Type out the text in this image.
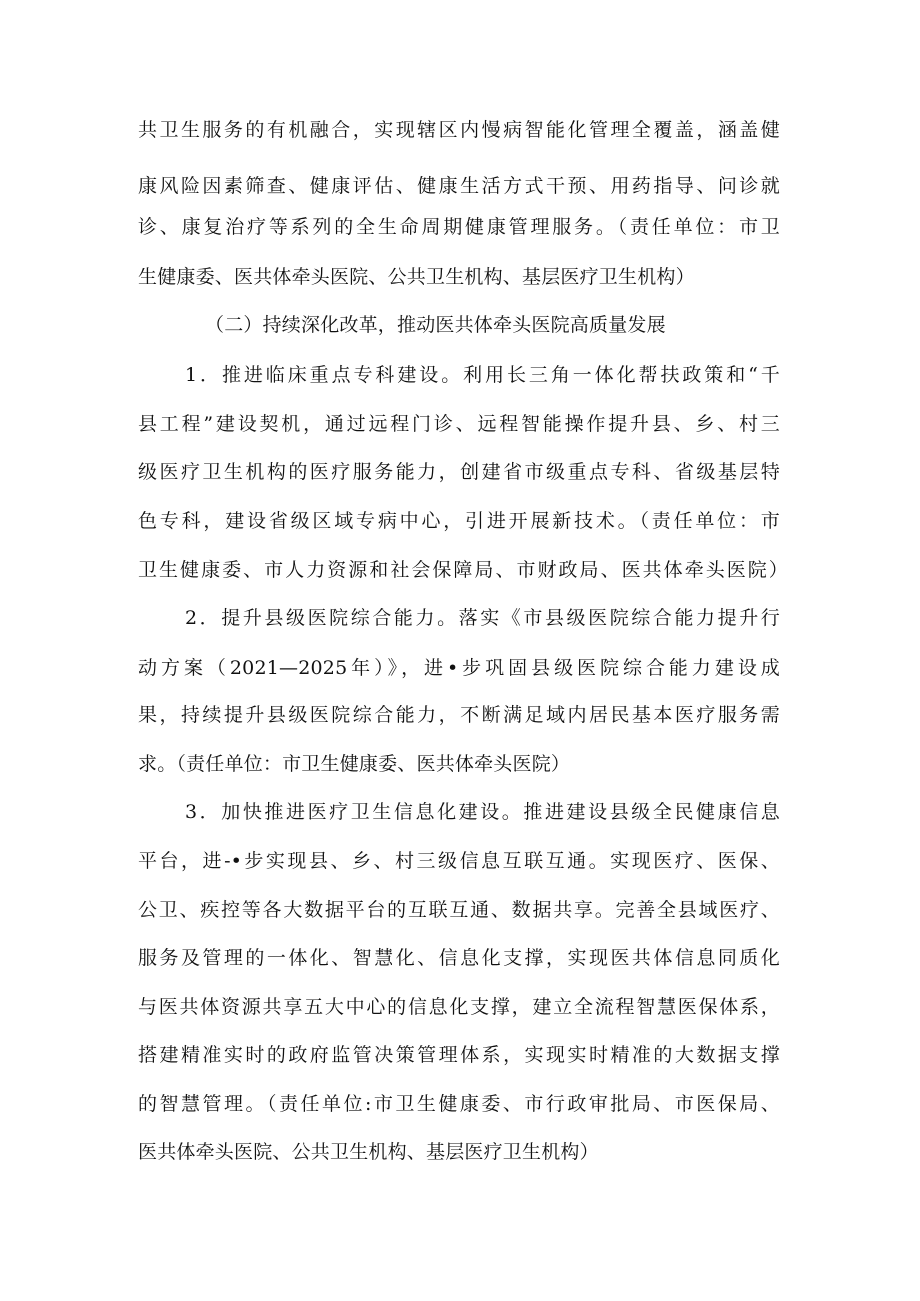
共卫生服务的有机融合，实现辖区内慢病智能化管理全覆盖，涵盖健
康风险因素筛查、健康评估、健康生活方式干预、用药指导、问诊就
诊、康复治疗等系列的全生命周期健康管理服务。（责任单位：市卫
生健康委、医共体牵头医院、公共卫生机构、基层医疗卫生机构）
（二）持续深化改革，推动医共体牵头医院高质量发展
1．推进临床重点专科建设。利用长三角一体化帮扶政策和“千
县工程”建设契机，通过远程门诊、远程智能操作提升县、乡、村三
级医疗卫生机构的医疗服务能力，创建省市级重点专科、省级基层特
色专科，建设省级区域专病中心，引进开展新技术。（责任单位：市
卫生健康委、市人力资源和社会保障局、市财政局、医共体牵头医院）
2．提升县级医院综合能力。落实《市县级医院综合能力提升行
动方案（2021—2025年）》，进•步巩固县级医院综合能力建设成
果，持续提升县级医院综合能力，不断满足域内居民基本医疗服务需
求。（责任单位：市卫生健康委、医共体牵头医院）
3．加快推进医疗卫生信息化建设。推进建设县级全民健康信息
平台，进-•步实现县、乡、村三级信息互联互通。实现医疗、医保、
公卫、疾控等各大数据平台的互联互通、数据共享。完善全县域医疗、
服务及管理的一体化、智慧化、信息化支撑，实现医共体信息同质化
与医共体资源共享五大中心的信息化支撑，建立全流程智慧医保体系，
搭建精准实时的政府监管决策管理体系，实现实时精准的大数据支撑
的智慧管理。（责任单位:市卫生健康委、市行政审批局、市医保局、
医共体牵头医院、公共卫生机构、基层医疗卫生机构）
